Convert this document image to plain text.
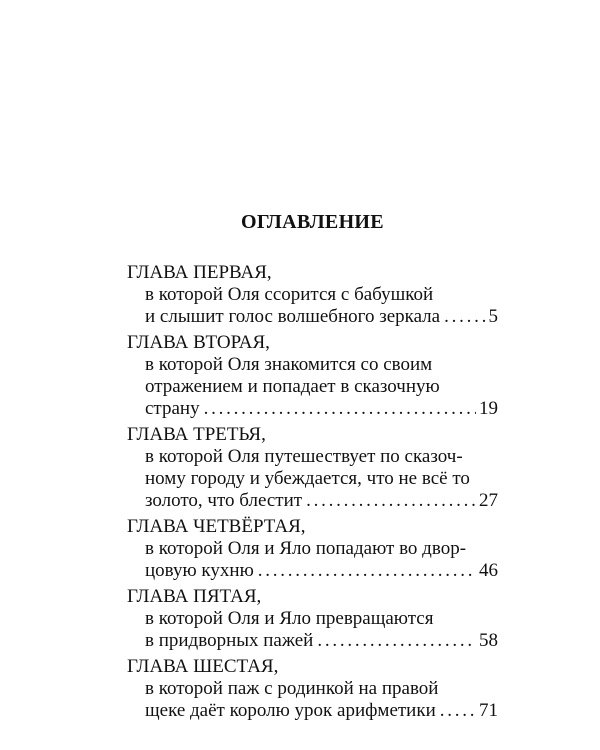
ОГЛАВЛЕНИЕ
ГЛАВА ПЕРВАЯ,
в которой Оля ссорится с бабушкой
и слышит голос волшебного зеркала . . .	5
ГЛАВА ВТОРАЯ,
в которой Оля знакомится со своим
отражением и попадает в сказочную
страну . . .	19
ГЛАВА ТРЕТЬЯ,
в которой Оля путешествует по сказоч-
ному городу и убеждается, что не всё то
золото, что блестит . . .	27
ГЛАВА ЧЕТВЁРТАЯ,
в которой Оля и Яло попадают во двор-
цовую кухню . . .	46
ГЛАВА ПЯТАЯ,
в которой Оля и Яло превращаются
в придворных пажей . . .	58
ГЛАВА ШЕСТАЯ,
в которой паж с родинкой на правой
щеке даёт королю урок арифметики . . . 71
